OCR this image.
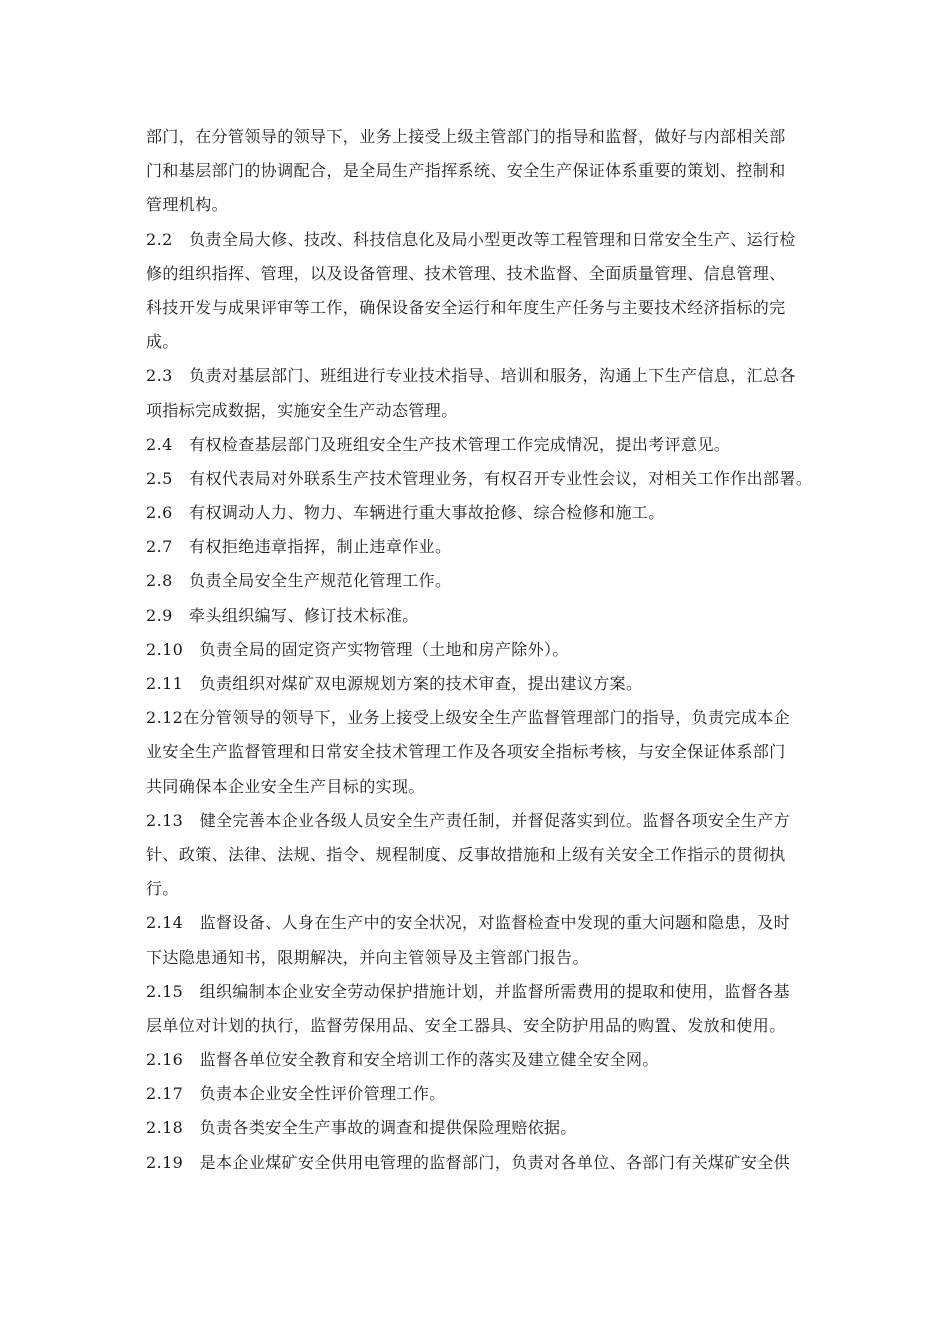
部门，在分管领导的领导下，业务上接受上级主管部门的指导和监督，做好与内部相关部
门和基层部门的协调配合，是全局生产指挥系统、安全生产保证体系重要的策划、控制和
管理机构。
2.2　负责全局大修、技改、科技信息化及局小型更改等工程管理和日常安全生产、运行检
修的组织指挥、管理，以及设备管理、技术管理、技术监督、全面质量管理、信息管理、
科技开发与成果评审等工作，确保设备安全运行和年度生产任务与主要技术经济指标的完
成。
2.3　负责对基层部门、班组进行专业技术指导、培训和服务，沟通上下生产信息，汇总各
项指标完成数据，实施安全生产动态管理。
2.4　有权检查基层部门及班组安全生产技术管理工作完成情况，提出考评意见。
2.5　有权代表局对外联系生产技术管理业务，有权召开专业性会议，对相关工作作出部署。
2.6　有权调动人力、物力、车辆进行重大事故抢修、综合检修和施工。
2.7　有权拒绝违章指挥，制止违章作业。
2.8　负责全局安全生产规范化管理工作。
2.9　牵头组织编写、修订技术标准。
2.10　负责全局的固定资产实物管理（土地和房产除外）。
2.11　负责组织对煤矿双电源规划方案的技术审查，提出建议方案。
2.12在分管领导的领导下，业务上接受上级安全生产监督管理部门的指导，负责完成本企
业安全生产监督管理和日常安全技术管理工作及各项安全指标考核，与安全保证体系部门
共同确保本企业安全生产目标的实现。
2.13　健全完善本企业各级人员安全生产责任制，并督促落实到位。监督各项安全生产方
针、政策、法律、法规、指令、规程制度、反事故措施和上级有关安全工作指示的贯彻执
行。
2.14　监督设备、人身在生产中的安全状况，对监督检查中发现的重大问题和隐患，及时
下达隐患通知书，限期解决，并向主管领导及主管部门报告。
2.15　组织编制本企业安全劳动保护措施计划，并监督所需费用的提取和使用，监督各基
层单位对计划的执行，监督劳保用品、安全工器具、安全防护用品的购置、发放和使用。
2.16　监督各单位安全教育和安全培训工作的落实及建立健全安全网。
2.17　负责本企业安全性评价管理工作。
2.18　负责各类安全生产事故的调查和提供保险理赔依据。
2.19　是本企业煤矿安全供用电管理的监督部门，负责对各单位、各部门有关煤矿安全供
